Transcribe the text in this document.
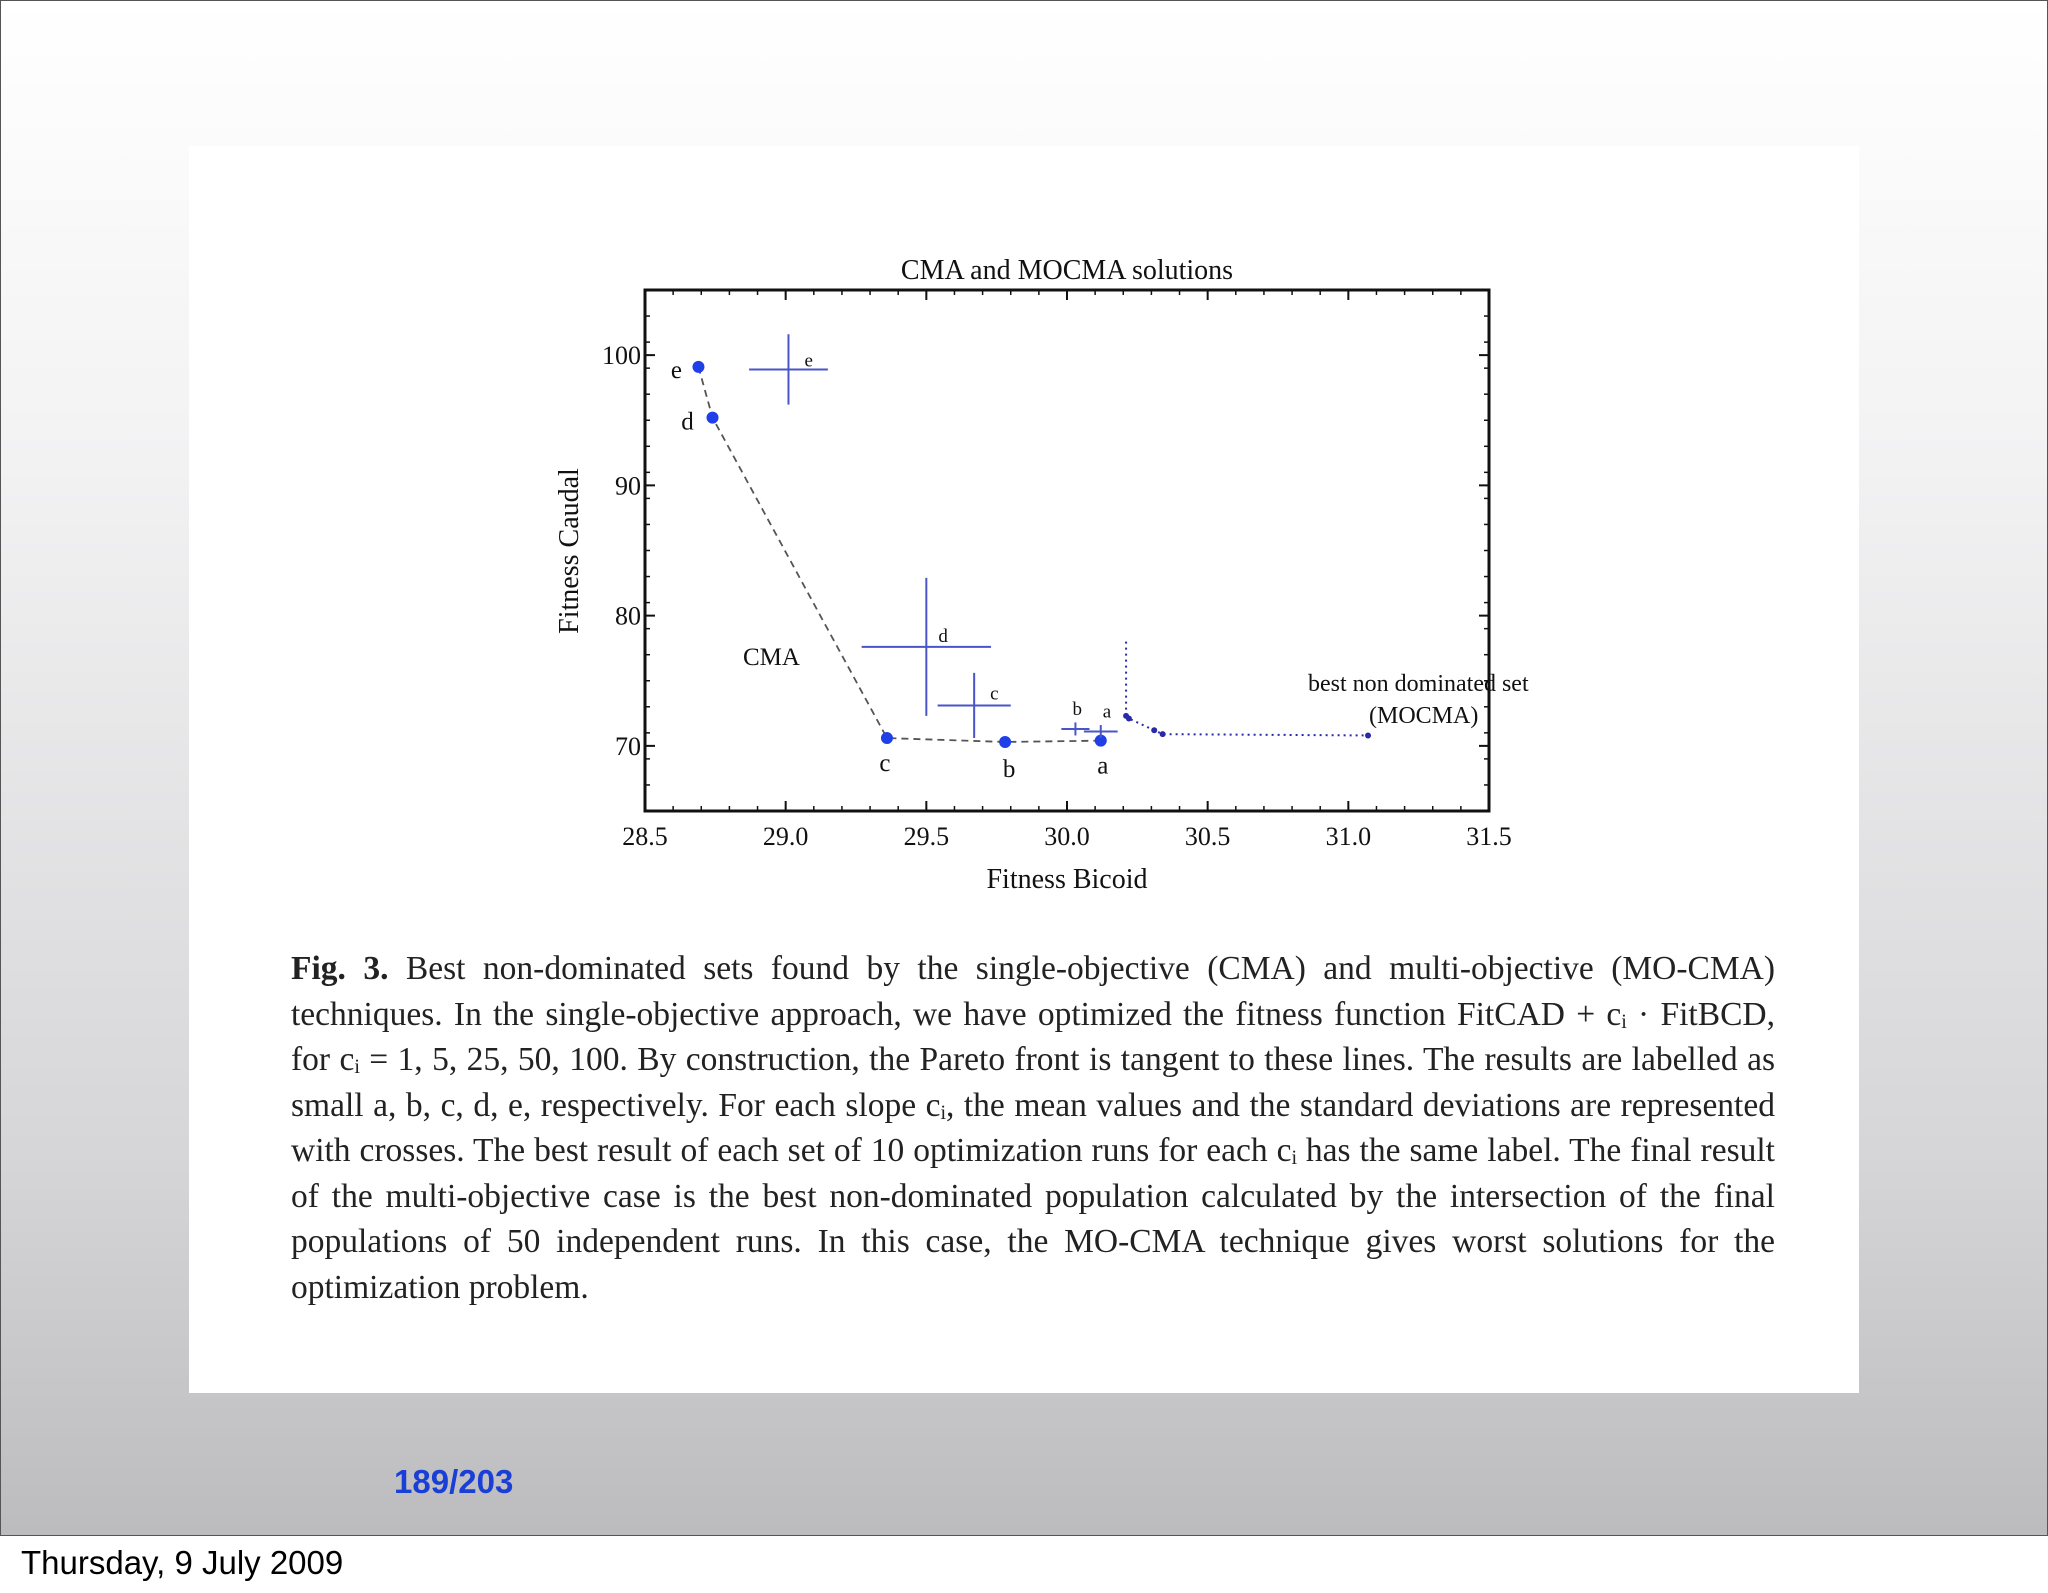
28.5	29.0	29.5	30.0	30.5	31.0	31.5
70
80
90
100
e
d
c	b	a
e
d
c
b a
CMA and MOCMA solutions
Fitness Bicoid
Fitness Caudal
CMA
best non dominated set
(MOCMA)
Fig. 3. Best non-dominated sets found by the single-objective (CMA) and multi-objective (MO-CMA) techniques. In the single-objective approach, we have optimized the fitness function FitCAD + cᵢ · FitBCD, for cᵢ = 1, 5, 25, 50, 100. By construction, the Pareto front is tangent to these lines. The results are labelled as small a, b, c, d, e, respectively. For each slope cᵢ, the mean values and the standard deviations are represented with crosses. The best result of each set of 10 optimization runs for each cᵢ has the same label. The final result of the multi-objective case is the best non-dominated population calculated by the intersection of the final populations of 50 independent runs. In this case, the MO-CMA technique gives worst solutions for the optimization problem.
189/203
Thursday, 9 July 2009
